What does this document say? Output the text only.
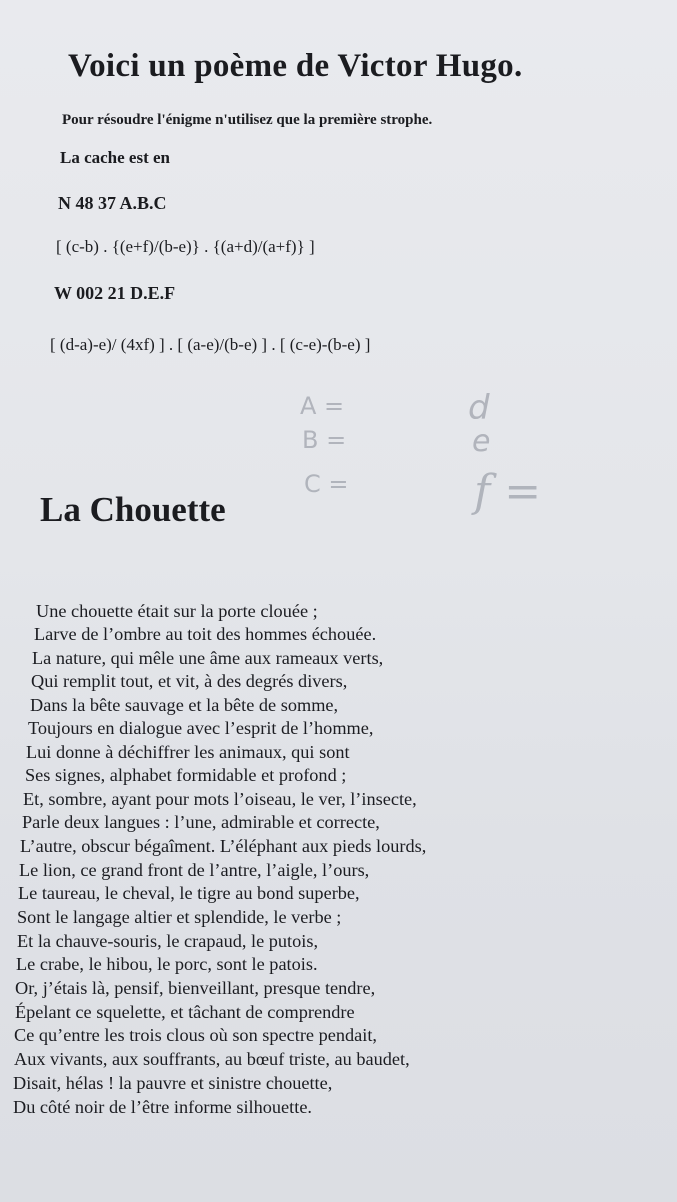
Voici un poème de Victor Hugo.
Pour résoudre l'énigme n'utilisez que la première strophe.
La cache est en
N 48 37 A.B.C
[ (c-b) . {(e+f)/(b-e)} . {(a+d)/(a+f)} ]
W 002 21 D.E.F
[ (d-a)-e)/ (4xf) ] . [ (a-e)/(b-e) ] . [ (c-e)-(b-e) ]
A =
B =
C =
d
e
f =
La Chouette
Une chouette était sur la porte clouée ;
Larve de l’ombre au toit des hommes échouée.
La nature, qui mêle une âme aux rameaux verts,
Qui remplit tout, et vit, à des degrés divers,
Dans la bête sauvage et la bête de somme,
Toujours en dialogue avec l’esprit de l’homme,
Lui donne à déchiffrer les animaux, qui sont
Ses signes, alphabet formidable et profond ;
Et, sombre, ayant pour mots l’oiseau, le ver, l’insecte,
Parle deux langues : l’une, admirable et correcte,
L’autre, obscur bégaîment. L’éléphant aux pieds lourds,
Le lion, ce grand front de l’antre, l’aigle, l’ours,
Le taureau, le cheval, le tigre au bond superbe,
Sont le langage altier et splendide, le verbe ;
Et la chauve-souris, le crapaud, le putois,
Le crabe, le hibou, le porc, sont le patois.
Or, j’étais là, pensif, bienveillant, presque tendre,
Épelant ce squelette, et tâchant de comprendre
Ce qu’entre les trois clous où son spectre pendait,
Aux vivants, aux souffrants, au bœuf triste, au baudet,
Disait, hélas ! la pauvre et sinistre chouette,
Du côté noir de l’être informe silhouette.
